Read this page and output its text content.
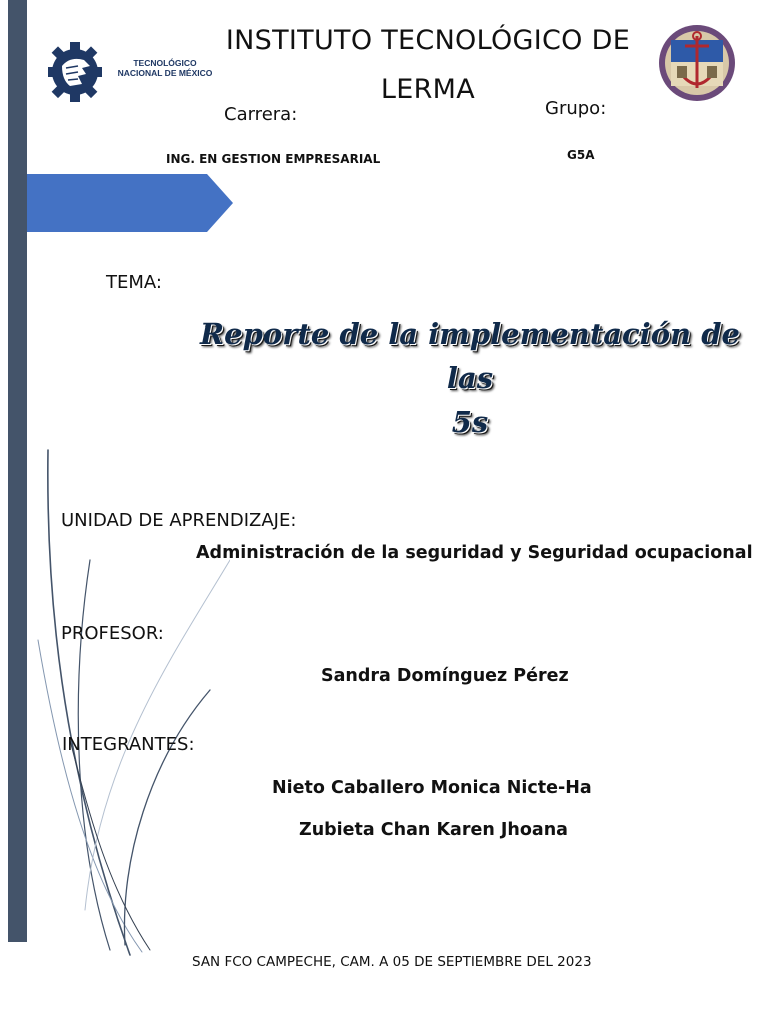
TECNOLÓGICO
NACIONAL DE MÉXICO
INSTITUTO TECNOLÓGICO DE
LERMA
Carrera:	Grupo:
ING. EN GESTION EMPRESARIAL	G5A
TEMA:
Reporte de la implementación de las
5s
UNIDAD DE APRENDIZAJE:
Administración de la seguridad y Seguridad ocupacional
PROFESOR:
Sandra Domínguez Pérez
INTEGRANTES:
Nieto Caballero Monica Nicte-Ha
Zubieta Chan Karen Jhoana
SAN FCO CAMPECHE, CAM. A 05 DE SEPTIEMBRE DEL 2023
